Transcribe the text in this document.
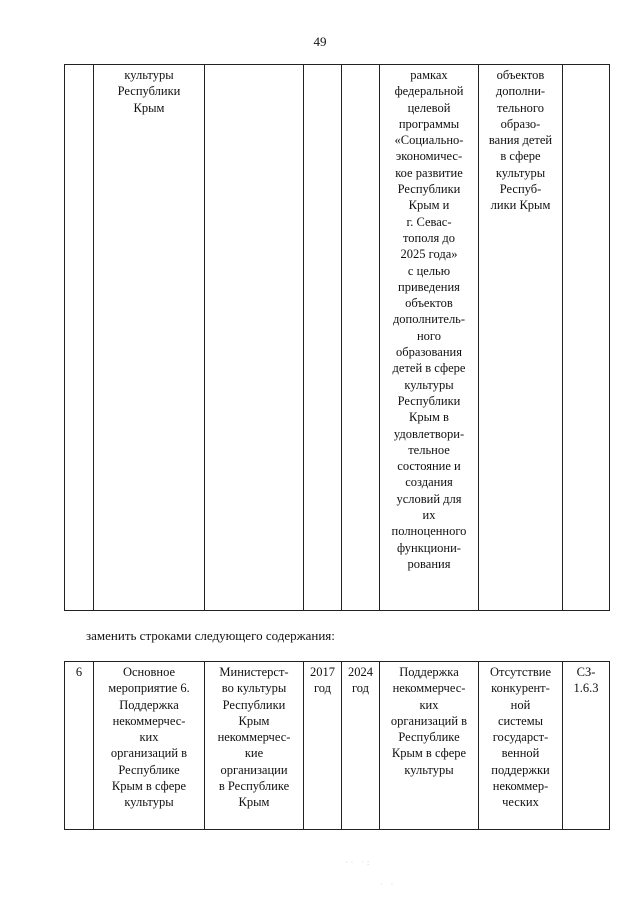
49
	культуры
Республики
Крым				рамках
федеральной
целевой
программы
«Социально-
экономичес-
кое развитие
Республики
Крым и
г. Севас-
тополя до
2025 года»
с целью
приведения
объектов
дополнитель-
ного
образования
детей в сфере
культуры
Республики
Крым в
удовлетвори-
тельное
состояние и
создания
условий для
их
полноценного
функциони-
рования	объектов
дополни-
тельного
образо-
вания детей
в сфере
культуры
Респуб-
лики Крым	
заменить строками следующего содержания:
6	Основное
мероприятие 6.
Поддержка
некоммерчес-
ких
организаций в
Республике
Крым в сфере
культуры	Министерст-
во культуры
Республики
Крым
некоммерчес-
кие
организации
в Республике
Крым	2017
год	2024
год	Поддержка
некоммерчес-
ких
организаций в
Республике
Крым в сфере
культуры	Отсутствие
конкурент-
ной
системы
государст-
венной
поддержки
некоммер-
ческих	СЗ-
1.6.3
·· ·:
· ·
